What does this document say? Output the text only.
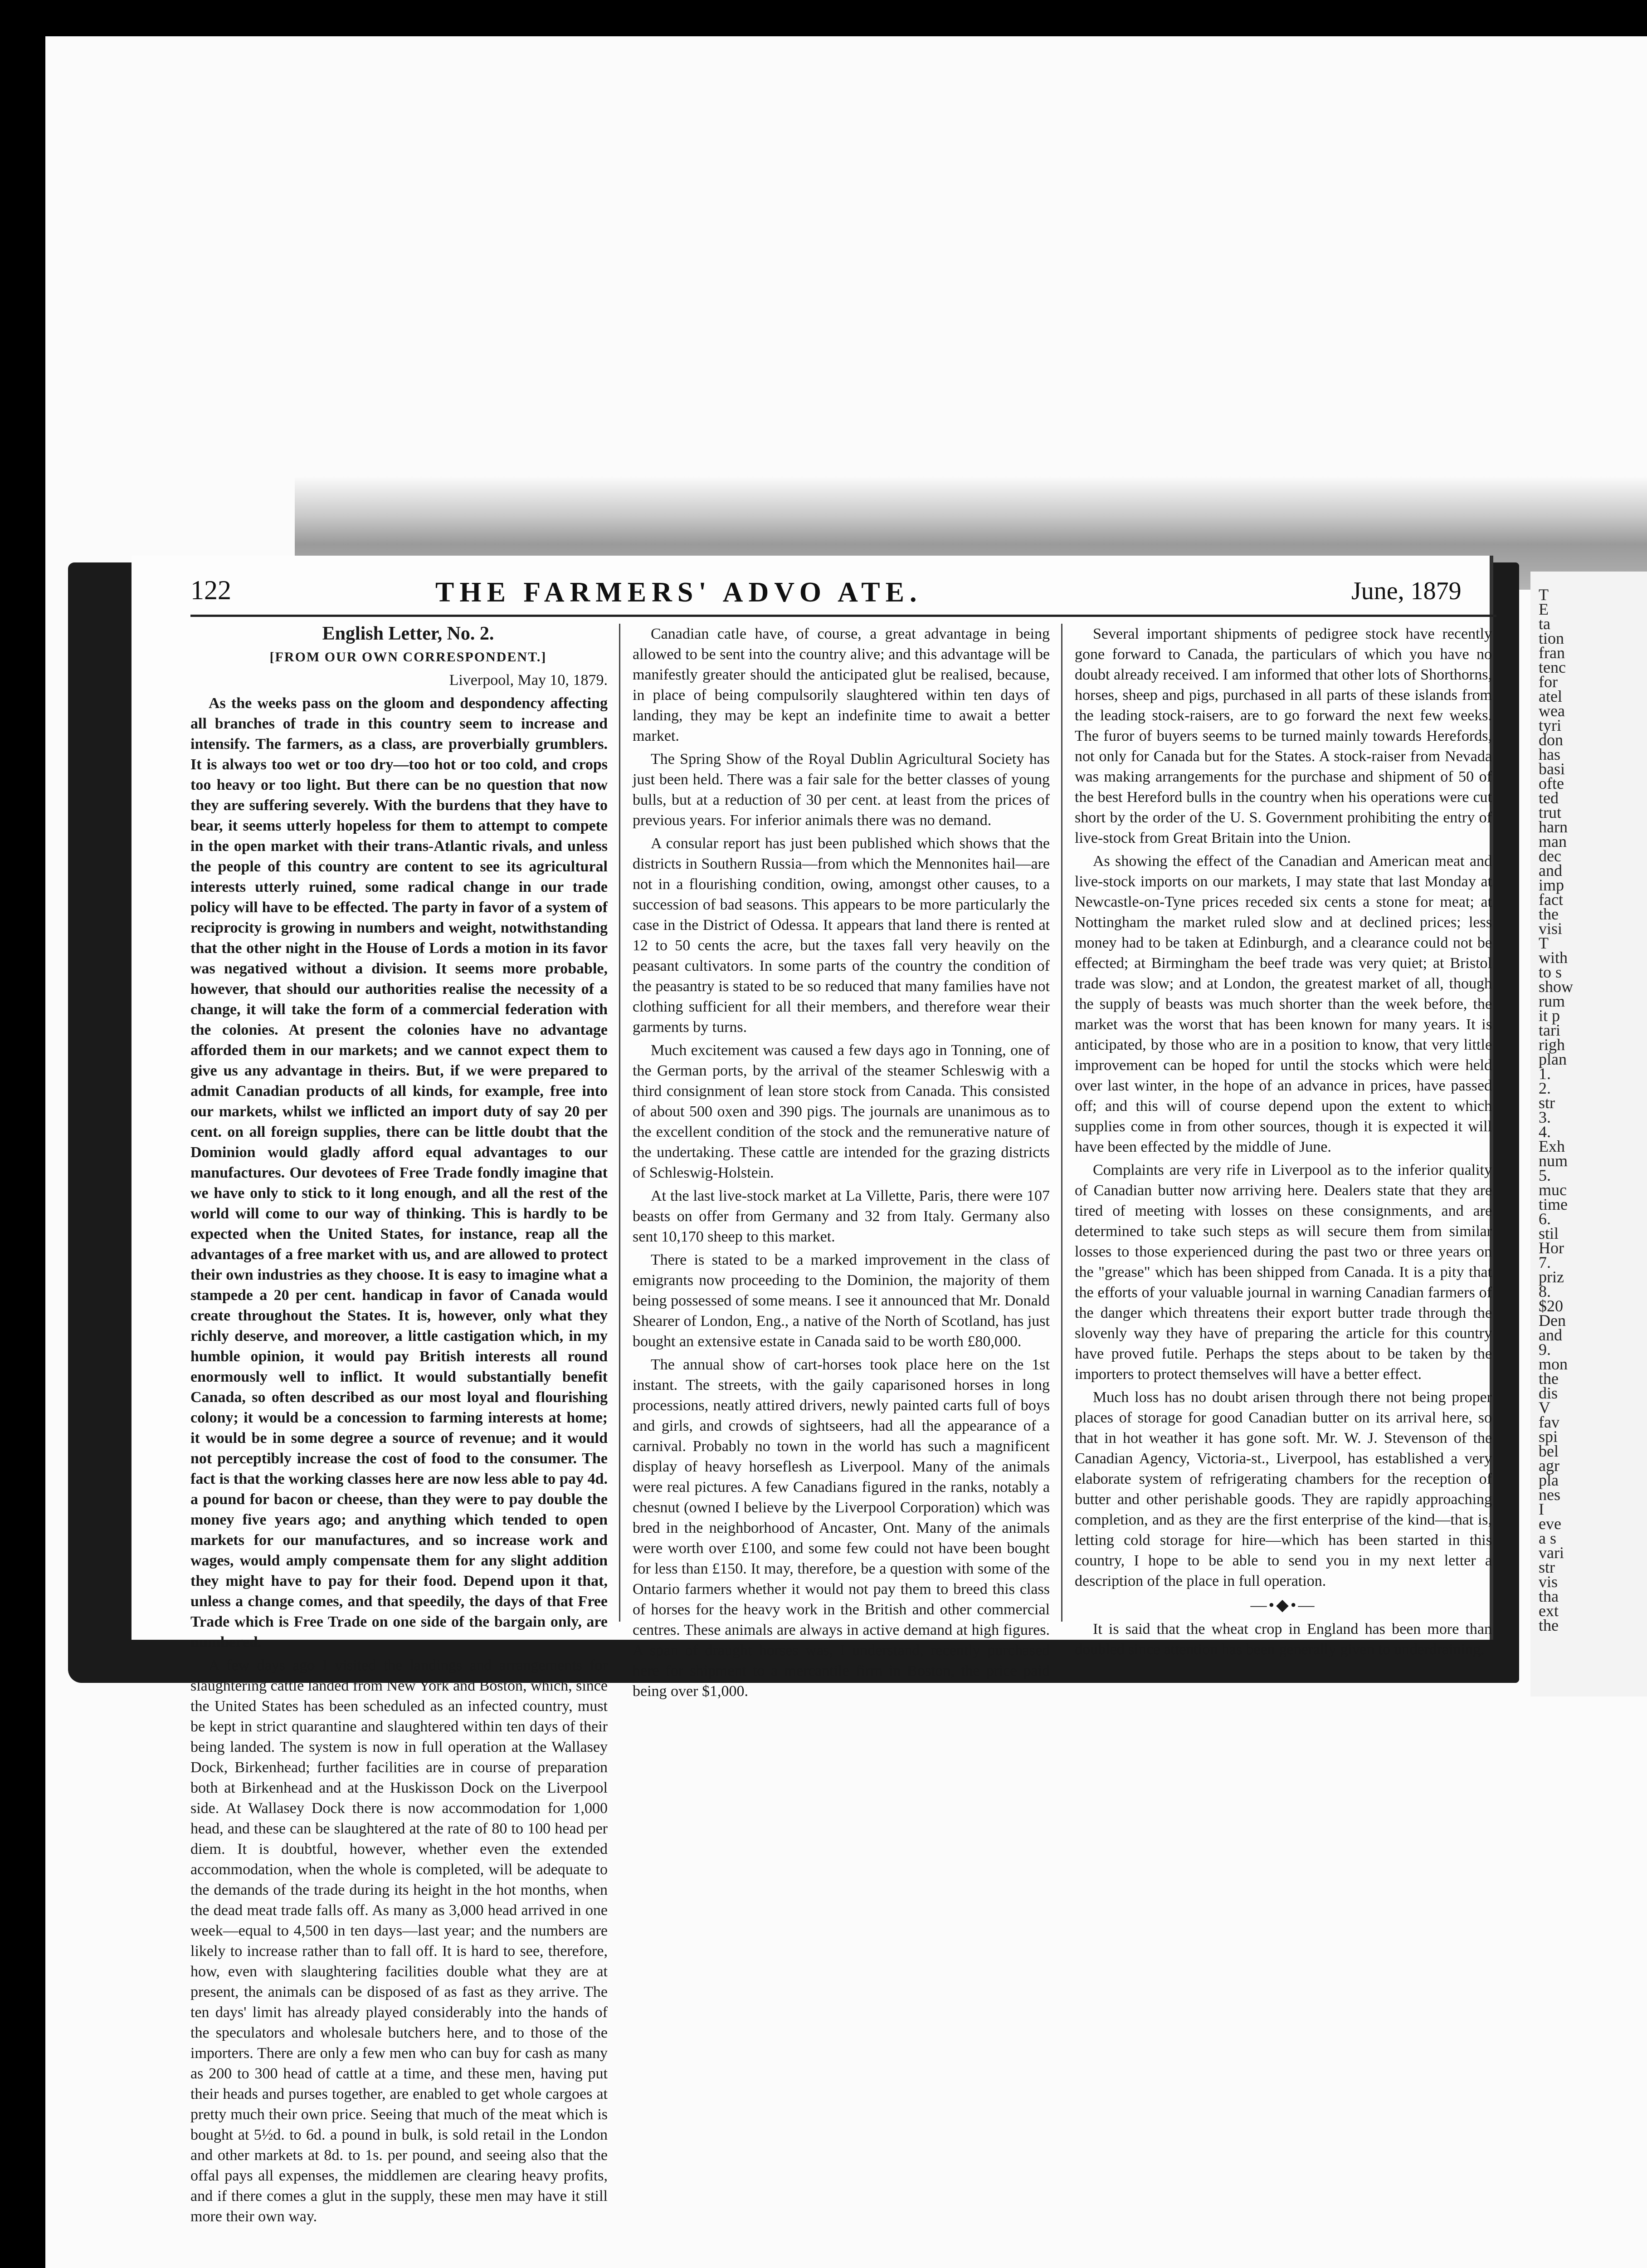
122	THE FARMERS' ADVO ATE.	June, 1879

English Letter, No. 2.

[FROM OUR OWN CORRESPONDENT.]

Liverpool, May 10, 1879.

As the weeks pass on the gloom and despondency affecting all branches of trade in this country seem to increase and intensify. The farmers, as a class, are proverbially grumblers. It is always too wet or too dry—too hot or too cold, and crops too heavy or too light. But there can be no question that now they are suffering severely. With the burdens that they have to bear, it seems utterly hopeless for them to attempt to compete in the open market with their trans-Atlantic rivals, and unless the people of this country are content to see its agricultural interests utterly ruined, some radical change in our trade policy will have to be effected. The party in favor of a system of reciprocity is growing in numbers and weight, notwithstanding that the other night in the House of Lords a motion in its favor was negatived without a division. It seems more probable, however, that should our authorities realise the necessity of a change, it will take the form of a commercial federation with the colonies. At present the colonies have no advantage afforded them in our markets; and we cannot expect them to give us any advantage in theirs. But, if we were prepared to admit Canadian products of all kinds, for example, free into our markets, whilst we inflicted an import duty of say 20 per cent. on all foreign supplies, there can be little doubt that the Dominion would gladly afford equal advantages to our manufactures. Our devotees of Free Trade fondly imagine that we have only to stick to it long enough, and all the rest of the world will come to our way of thinking. This is hardly to be expected when the United States, for instance, reap all the advantages of a free market with us, and are allowed to protect their own industries as they choose. It is easy to imagine what a stampede a 20 per cent. handicap in favor of Canada would create throughout the States. It is, however, only what they richly deserve, and moreover, a little castigation which, in my humble opinion, it would pay British interests all round enormously well to inflict. It would substantially benefit Canada, so often described as our most loyal and flourishing colony; it would be a concession to farming interests at home; it would be in some degree a source of revenue; and it would not perceptibly increase the cost of food to the consumer. The fact is that the working classes here are now less able to pay 4d. a pound for bacon or cheese, than they were to pay double the money five years ago; and anything which tended to open markets for our manufactures, and so increase work and wages, would amply compensate them for any slight addition they might have to pay for their food. Depend upon it that, unless a change comes, and that speedily, the days of that Free Trade which is Free Trade on one side of the bargain only, are numbered.

A few days ago I visited the landings and arrangements for slaughtering cattle landed from New York and Boston, which, since the United States has been scheduled as an infected country, must be kept in strict quarantine and slaughtered within ten days of their being landed. The system is now in full operation at the Wallasey Dock, Birkenhead; further facilities are in course of preparation both at Birkenhead and at the Huskisson Dock on the Liverpool side. At Wallasey Dock there is now accommodation for 1,000 head, and these can be slaughtered at the rate of 80 to 100 head per diem. It is doubtful, however, whether even the extended accommodation, when the whole is completed, will be adequate to the demands of the trade during its height in the hot months, when the dead meat trade falls off. As many as 3,000 head arrived in one week—equal to 4,500 in ten days—last year; and the numbers are likely to increase rather than to fall off. It is hard to see, therefore, how, even with slaughtering facilities double what they are at present, the animals can be disposed of as fast as they arrive. The ten days' limit has already played considerably into the hands of the speculators and wholesale butchers here, and to those of the importers. There are only a few men who can buy for cash as many as 200 to 300 head of cattle at a time, and these men, having put their heads and purses together, are enabled to get whole cargoes at pretty much their own price. Seeing that much of the meat which is bought at 5½d. to 6d. a pound in bulk, is sold retail in the London and other markets at 8d. to 1s. per pound, and seeing also that the offal pays all expenses, the middlemen are clearing heavy profits, and if there comes a glut in the supply, these men may have it still more their own way.

Canadian catle have, of course, a great advantage in being allowed to be sent into the country alive; and this advantage will be manifestly greater should the anticipated glut be realised, because, in place of being compulsorily slaughtered within ten days of landing, they may be kept an indefinite time to await a better market.

The Spring Show of the Royal Dublin Agricultural Society has just been held. There was a fair sale for the better classes of young bulls, but at a reduction of 30 per cent. at least from the prices of previous years. For inferior animals there was no demand.

A consular report has just been published which shows that the districts in Southern Russia—from which the Mennonites hail—are not in a flourishing condition, owing, amongst other causes, to a succession of bad seasons. This appears to be more particularly the case in the District of Odessa. It appears that land there is rented at 12 to 50 cents the acre, but the taxes fall very heavily on the peasant cultivators. In some parts of the country the condition of the peasantry is stated to be so reduced that many families have not clothing sufficient for all their members, and therefore wear their garments by turns.

Much excitement was caused a few days ago in Tonning, one of the German ports, by the arrival of the steamer Schleswig with a third consignment of lean store stock from Canada. This consisted of about 500 oxen and 390 pigs. The journals are unanimous as to the excellent condition of the stock and the remunerative nature of the undertaking. These cattle are intended for the grazing districts of Schleswig-Holstein.

At the last live-stock market at La Villette, Paris, there were 107 beasts on offer from Germany and 32 from Italy. Germany also sent 10,170 sheep to this market.

There is stated to be a marked improvement in the class of emigrants now proceeding to the Dominion, the majority of them being possessed of some means. I see it announced that Mr. Donald Shearer of London, Eng., a native of the North of Scotland, has just bought an extensive estate in Canada said to be worth £80,000.

The annual show of cart-horses took place here on the 1st instant. The streets, with the gaily caparisoned horses in long processions, neatly attired drivers, newly painted carts full of boys and girls, and crowds of sightseers, had all the appearance of a carnival. Probably no town in the world has such a magnificent display of heavy horseflesh as Liverpool. Many of the animals were real pictures. A few Canadians figured in the ranks, notably a chesnut (owned I believe by the Liverpool Corporation) which was bred in the neighborhood of Ancaster, Ont. Many of the animals were worth over £100, and some few could not have been bought for less than £150. It may, therefore, be a question with some of the Ontario farmers whether it would not pay them to breed this class of horses for the heavy work in the British and other commercial centres. These animals are always in active demand at high figures. A span of draught horses was, I understand, recently purchased here for shipment to a mercantile firm in Boston, the price paid being over $1,000.

Several important shipments of pedigree stock have recently gone forward to Canada, the particulars of which you have no doubt already received. I am informed that other lots of Shorthorns, horses, sheep and pigs, purchased in all parts of these islands from the leading stock-raisers, are to go forward the next few weeks. The furor of buyers seems to be turned mainly towards Herefords, not only for Canada but for the States. A stock-raiser from Nevada was making arrangements for the purchase and shipment of 50 of the best Hereford bulls in the country when his operations were cut short by the order of the U. S. Government prohibiting the entry of live-stock from Great Britain into the Union.

As showing the effect of the Canadian and American meat and live-stock imports on our markets, I may state that last Monday at Newcastle-on-Tyne prices receded six cents a stone for meat; at Nottingham the market ruled slow and at declined prices; less money had to be taken at Edinburgh, and a clearance could not be effected; at Birmingham the beef trade was very quiet; at Bristol trade was slow; and at London, the greatest market of all, though the supply of beasts was much shorter than the week before, the market was the worst that has been known for many years. It is anticipated, by those who are in a position to know, that very little improvement can be hoped for until the stocks which were held over last winter, in the hope of an advance in prices, have passed off; and this will of course depend upon the extent to which supplies come in from other sources, though it is expected it will have been effected by the middle of June.

Complaints are very rife in Liverpool as to the inferior quality of Canadian butter now arriving here. Dealers state that they are tired of meeting with losses on these consignments, and are determined to take such steps as will secure them from similar losses to those experienced during the past two or three years on the "grease" which has been shipped from Canada. It is a pity that the efforts of your valuable journal in warning Canadian farmers of the danger which threatens their export butter trade through the slovenly way they have of preparing the article for this country have proved futile. Perhaps the steps about to be taken by the importers to protect themselves will have a better effect.

Much loss has no doubt arisen through there not being proper places of storage for good Canadian butter on its arrival here, so that in hot weather it has gone soft. Mr. W. J. Stevenson of the Canadian Agency, Victoria-st., Liverpool, has established a very elaborate system of refrigerating chambers for the reception of butter and other perishable goods. They are rapidly approaching completion, and as they are the first enterprise of the kind—that is, letting cold storage for hire—which has been started in this country, I hope to be able to send you in my next letter a description of the place in full operation.

—•◆•—

It is said that the wheat crop in England has been more than doubled since attention has been generally given to underdraining.

T
E
ta
tion
fran
tenc
for
atel
wea
tyri
don
has
basi
ofte
ted
trut
harn
man
dec
and
imp
fact
the
visi
T
with
to s
show
rum
it p
tari
righ
plan
1.
2.
str
3.
4.
Exh
num
5.
muc
time
6.
stil
Hor
7.
priz
8.
$20
Den
and
9.
mon
the
dis
V
fav
spi
bel
agr
pla
nes
I
eve
a s
vari
str
vis
tha
ext
the
